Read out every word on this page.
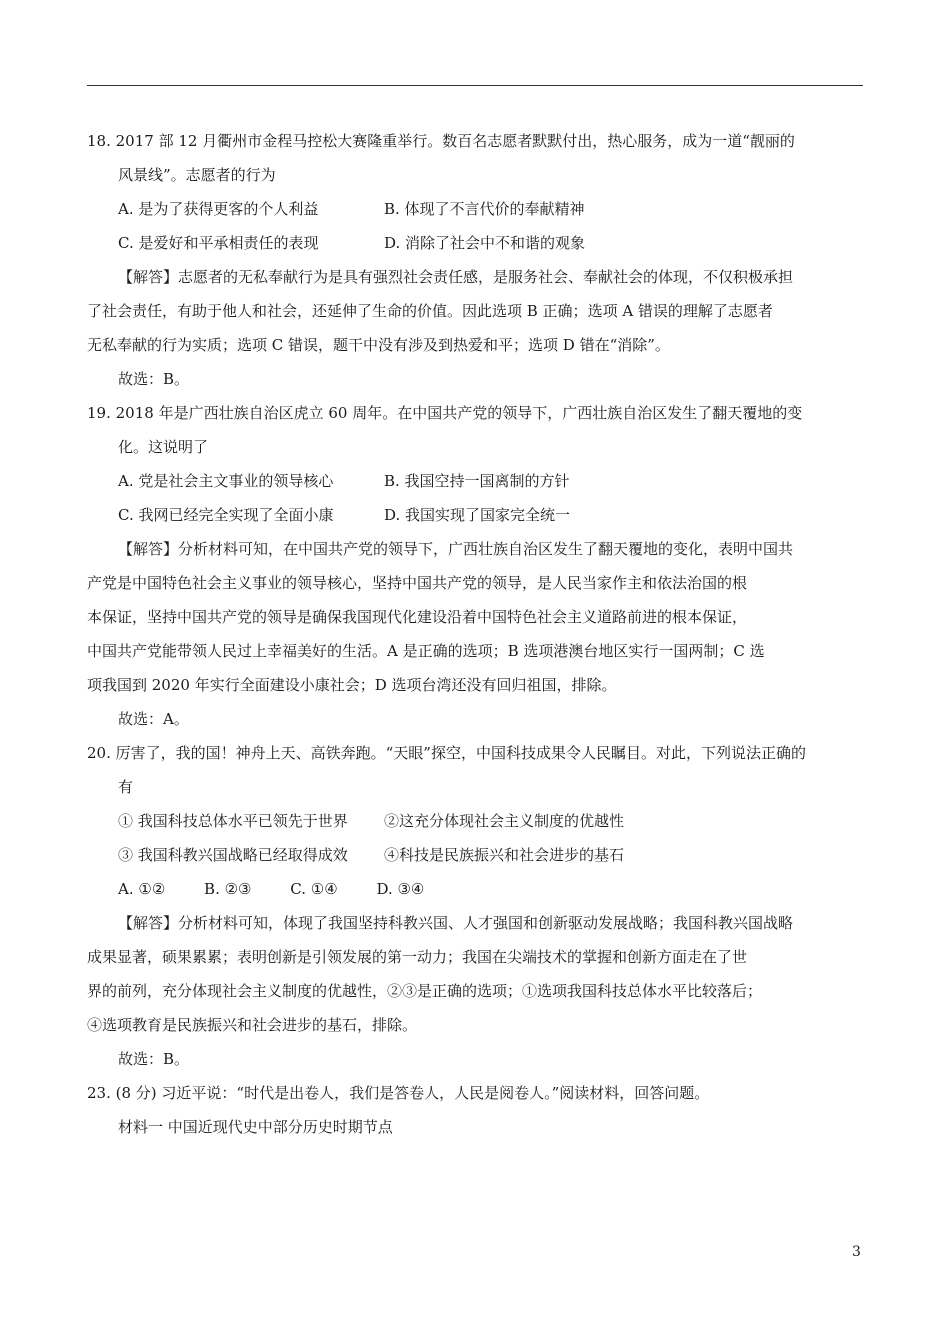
18. 2017 部 12 月衢州市金程马控松大赛隆重举行。数百名志愿者默默付出，热心服务，成为一道“靓丽的
风景线”。志愿者的行为
A. 是为了获得更客的个人利益	B. 体现了不言代价的奉献精神
C. 是爱好和平承相责任的表现	D. 消除了社会中不和谐的观象
【解答】志愿者的无私奉献行为是具有强烈社会责任感，是服务社会、奉献社会的体现，不仅积极承担
了社会责任，有助于他人和社会，还延伸了生命的价值。因此选项 B 正确；选项 A 错误的理解了志愿者
无私奉献的行为实质；选项 C 错误，题干中没有涉及到热爱和平；选项 D 错在“消除”。
故选：B。
19. 2018 年是广西壮族自治区虎立 60 周年。在中国共产党的领导下，广西壮族自治区发生了翻天覆地的变
化。这说明了
A. 党是社会主文事业的领导核心	B. 我国空持一国离制的方针
C. 我网已经完全实现了全面小康	D. 我国实现了国家完全统一
【解答】分析材料可知，在中国共产党的领导下，广西壮族自治区发生了翻天覆地的变化，表明中国共
产党是中国特色社会主义事业的领导核心，坚持中国共产党的领导，是人民当家作主和依法治国的根
本保证，坚持中国共产党的领导是确保我国现代化建设沿着中国特色社会主义道路前进的根本保证，
中国共产党能带领人民过上幸福美好的生活。A 是正确的选项；B 选项港澳台地区实行一国两制；C 选
项我国到 2020 年实行全面建设小康社会；D 选项台湾还没有回归祖国，排除。
故选：A。
20. 厉害了，我的国！神舟上天、高铁奔跑。“天眼”探空，中国科技成果令人民瞩目。对此，下列说法正确的
有
① 我国科技总体水平已领先于世界	②这充分体现社会主义制度的优越性
③ 我国科教兴国战略已经取得成效	④科技是民族振兴和社会进步的基石
A. ①②	B. ②③	C. ①④	D. ③④
【解答】分析材料可知，体现了我国坚持科教兴国、人才强国和创新驱动发展战略；我国科教兴国战略
成果显著，硕果累累；表明创新是引领发展的第一动力；我国在尖端技术的掌握和创新方面走在了世
界的前列，充分体现社会主义制度的优越性，②③是正确的选项；①选项我国科技总体水平比较落后；
④选项教育是民族振兴和社会进步的基石，排除。
故选：B。
23. (8 分) 习近平说：“时代是出卷人，我们是答卷人，人民是阅卷人。”阅读材料，回答问题。
材料一 中国近现代史中部分历史时期节点
3
